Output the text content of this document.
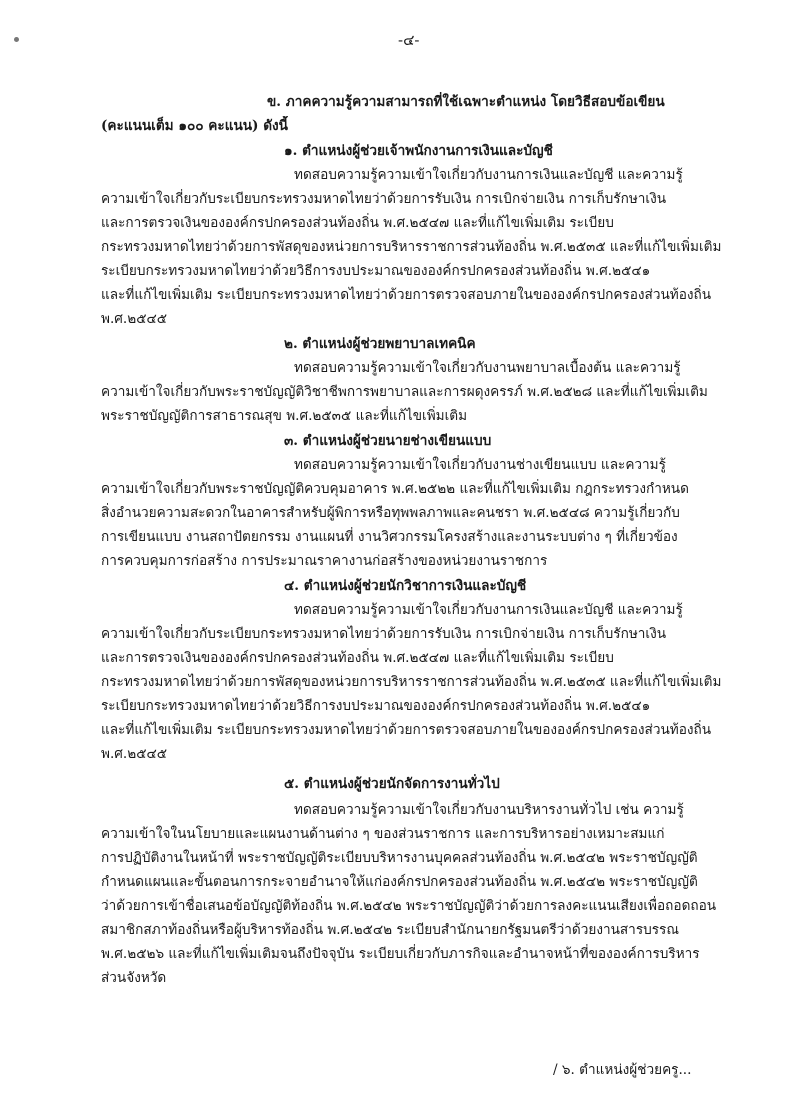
-๔-
ข. ภาคความรู้ความสามารถที่ใช้เฉพาะตำแหน่ง โดยวิธีสอบข้อเขียน
(คะแนนเต็ม ๑๐๐ คะแนน) ดังนี้
๑. ตำแหน่งผู้ช่วยเจ้าพนักงานการเงินและบัญชี
ทดสอบความรู้ความเข้าใจเกี่ยวกับงานการเงินและบัญชี และความรู้
ความเข้าใจเกี่ยวกับระเบียบกระทรวงมหาดไทยว่าด้วยการรับเงิน การเบิกจ่ายเงิน การเก็บรักษาเงิน
และการตรวจเงินขององค์กรปกครองส่วนท้องถิ่น พ.ศ.๒๕๔๗ และที่แก้ไขเพิ่มเติม ระเบียบ
กระทรวงมหาดไทยว่าด้วยการพัสดุของหน่วยการบริหารราชการส่วนท้องถิ่น พ.ศ.๒๕๓๕ และที่แก้ไขเพิ่มเติม
ระเบียบกระทรวงมหาดไทยว่าด้วยวิธีการงบประมาณขององค์กรปกครองส่วนท้องถิ่น พ.ศ.๒๕๔๑
และที่แก้ไขเพิ่มเติม ระเบียบกระทรวงมหาดไทยว่าด้วยการตรวจสอบภายในขององค์กรปกครองส่วนท้องถิ่น
พ.ศ.๒๕๔๕
๒. ตำแหน่งผู้ช่วยพยาบาลเทคนิค
ทดสอบความรู้ความเข้าใจเกี่ยวกับงานพยาบาลเบื้องต้น และความรู้
ความเข้าใจเกี่ยวกับพระราชบัญญัติวิชาชีพการพยาบาลและการผดุงครรภ์ พ.ศ.๒๕๒๘ และที่แก้ไขเพิ่มเติม
พระราชบัญญัติการสาธารณสุข พ.ศ.๒๕๓๕ และที่แก้ไขเพิ่มเติม
๓. ตำแหน่งผู้ช่วยนายช่างเขียนแบบ
ทดสอบความรู้ความเข้าใจเกี่ยวกับงานช่างเขียนแบบ และความรู้
ความเข้าใจเกี่ยวกับพระราชบัญญัติควบคุมอาคาร พ.ศ.๒๕๒๒ และที่แก้ไขเพิ่มเติม กฎกระทรวงกำหนด
สิ่งอำนวยความสะดวกในอาคารสำหรับผู้พิการหรือทุพพลภาพและคนชรา พ.ศ.๒๕๔๘ ความรู้เกี่ยวกับ
การเขียนแบบ งานสถาปัตยกรรม งานแผนที่ งานวิศวกรรมโครงสร้างและงานระบบต่าง ๆ ที่เกี่ยวข้อง
การควบคุมการก่อสร้าง การประมาณราคางานก่อสร้างของหน่วยงานราชการ
๔. ตำแหน่งผู้ช่วยนักวิชาการเงินและบัญชี
ทดสอบความรู้ความเข้าใจเกี่ยวกับงานการเงินและบัญชี และความรู้
ความเข้าใจเกี่ยวกับระเบียบกระทรวงมหาดไทยว่าด้วยการรับเงิน การเบิกจ่ายเงิน การเก็บรักษาเงิน
และการตรวจเงินขององค์กรปกครองส่วนท้องถิ่น พ.ศ.๒๕๔๗ และที่แก้ไขเพิ่มเติม ระเบียบ
กระทรวงมหาดไทยว่าด้วยการพัสดุของหน่วยการบริหารราชการส่วนท้องถิ่น พ.ศ.๒๕๓๕ และที่แก้ไขเพิ่มเติม
ระเบียบกระทรวงมหาดไทยว่าด้วยวิธีการงบประมาณขององค์กรปกครองส่วนท้องถิ่น พ.ศ.๒๕๔๑
และที่แก้ไขเพิ่มเติม ระเบียบกระทรวงมหาดไทยว่าด้วยการตรวจสอบภายในขององค์กรปกครองส่วนท้องถิ่น
พ.ศ.๒๕๔๕
๕. ตำแหน่งผู้ช่วยนักจัดการงานทั่วไป
ทดสอบความรู้ความเข้าใจเกี่ยวกับงานบริหารงานทั่วไป เช่น ความรู้
ความเข้าใจในนโยบายและแผนงานด้านต่าง ๆ ของส่วนราชการ และการบริหารอย่างเหมาะสมแก่
การปฏิบัติงานในหน้าที่ พระราชบัญญัติระเบียบบริหารงานบุคคลส่วนท้องถิ่น พ.ศ.๒๕๔๒ พระราชบัญญัติ
กำหนดแผนและขั้นตอนการกระจายอำนาจให้แก่องค์กรปกครองส่วนท้องถิ่น พ.ศ.๒๕๔๒ พระราชบัญญัติ
ว่าด้วยการเข้าชื่อเสนอข้อบัญญัติท้องถิ่น พ.ศ.๒๕๔๒ พระราชบัญญัติว่าด้วยการลงคะแนนเสียงเพื่อถอดถอน
สมาชิกสภาท้องถิ่นหรือผู้บริหารท้องถิ่น พ.ศ.๒๕๔๒ ระเบียบสำนักนายกรัฐมนตรีว่าด้วยงานสารบรรณ
พ.ศ.๒๕๒๖ และที่แก้ไขเพิ่มเติมจนถึงปัจจุบัน ระเบียบเกี่ยวกับภารกิจและอำนาจหน้าที่ขององค์การบริหาร
ส่วนจังหวัด
/ ๖. ตำแหน่งผู้ช่วยครู...
